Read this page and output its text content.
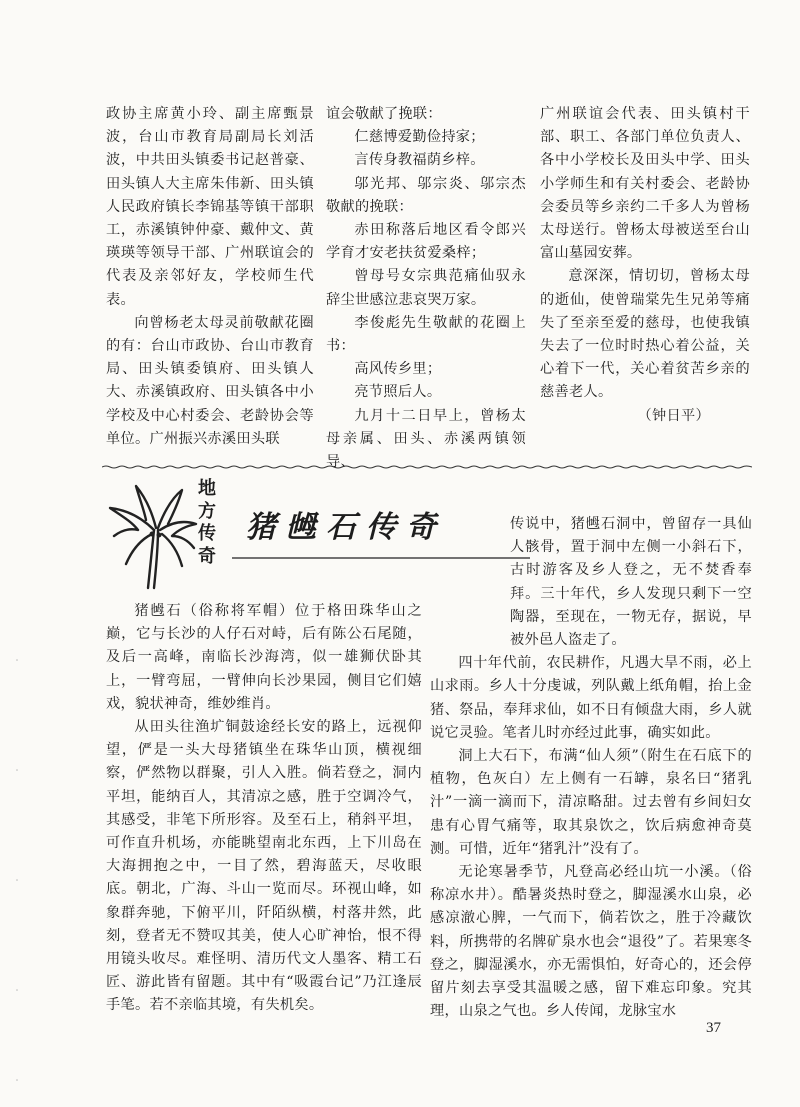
政协主席黄小玲、副主席甄景波，台山市教育局副局长刘活波，中共田头镇委书记赵普豪、田头镇人大主席朱伟新、田头镇人民政府镇长李锦基等镇干部职工，赤溪镇钟仲豪、戴仲文、黄瑛瑛等领导干部、广州联谊会的代表及亲邻好友，学校师生代表。

向曾杨老太母灵前敬献花圈的有：台山市政协、台山市教育局、田头镇委镇府、田头镇人大、赤溪镇政府、田头镇各中小学校及中心村委会、老龄协会等单位。广州振兴赤溪田头联

谊会敬献了挽联：

仁慈博爱勤俭持家；

言传身教福荫乡梓。

邬光邦、邬宗炎、邬宗杰敬献的挽联：

赤田称落后地区看令郎兴学育才安老扶贫爱桑梓；

曾母号女宗典范痛仙驭永辞尘世感泣悲哀哭万家。

李俊彪先生敬献的花圈上书：

高风传乡里；

亮节照后人。

九月十二日早上，曾杨太母亲属、田头、赤溪两镇领导、

广州联谊会代表、田头镇村干部、职工、各部门单位负责人、各中小学校长及田头中学、田头小学师生和有关村委会、老龄协会委员等乡亲约二千多人为曾杨太母送行。曾杨太母被送至台山富山墓园安葬。

意深深，情切切，曾杨太母的逝仙，使曾瑞棠先生兄弟等痛失了至亲至爱的慈母，也使我镇失去了一位时时热心着公益，关心着下一代，关心着贫苦乡亲的慈善老人。

（钟日平）

地
方
传
奇
猪乸石传奇

猪乸石（俗称将军帽）位于格田珠华山之巅，它与长沙的人仔石对峙，后有陈公石尾随，及后一高峰，南临长沙海湾，似一雄狮伏卧其上，一臂弯屈，一臂伸向长沙果园，侧目它们嬉戏，貌状神奇，维妙维肖。

从田头往渔圹铜鼓途经长安的路上，远视仰望，俨是一头大母猪镇坐在珠华山顶，横视细察，俨然物以群聚，引人入胜。倘若登之，洞内平坦，能纳百人，其清凉之感，胜于空调冷气，其感受，非笔下所形容。及至石上，稍斜平坦，可作直升机场，亦能眺望南北东西，上下川岛在大海拥抱之中，一目了然，碧海蓝天，尽收眼底。朝北，广海、斗山一览而尽。环视山峰，如象群奔驰，下俯平川，阡陌纵横，村落井然，此刻，登者无不赞叹其美，使人心旷神怡，恨不得用镜头收尽。难怪明、清历代文人墨客、精工石匠、游此皆有留题。其中有“吸霞台记”乃江逢辰手笔。若不亲临其境，有失机矣。

传说中，猪乸石洞中，曾留存一具仙人骸骨，置于洞中左侧一小斜石下，古时游客及乡人登之，无不焚香奉拜。三十年代，乡人发现只剩下一空陶器，至现在，一物无存，据说，早被外邑人盗走了。

四十年代前，农民耕作，凡遇大旱不雨，必上山求雨。乡人十分虔诚，列队戴上纸角帽，抬上金猪、祭品，奉拜求仙，如不日有倾盘大雨，乡人就说它灵验。笔者儿时亦经过此事，确实如此。

洞上大石下，布满“仙人须”（附生在石底下的植物，色灰白）左上侧有一石罅，泉名曰“猪乳汁”一滴一滴而下，清凉略甜。过去曾有乡间妇女患有心胃气痛等，取其泉饮之，饮后病愈神奇莫测。可惜，近年“猪乳汁”没有了。

无论寒暑季节，凡登高必经山坑一小溪。（俗称凉水井）。酷暑炎热时登之，脚湿溪水山泉，必感凉澈心脾，一气而下，倘若饮之，胜于冷藏饮料，所携带的名牌矿泉水也会“退役”了。若果寒冬登之，脚湿溪水，亦无需惧怕，好奇心的，还会停留片刻去享受其温暖之感，留下难忘印象。究其理，山泉之气也。乡人传闻，龙脉宝水

37
